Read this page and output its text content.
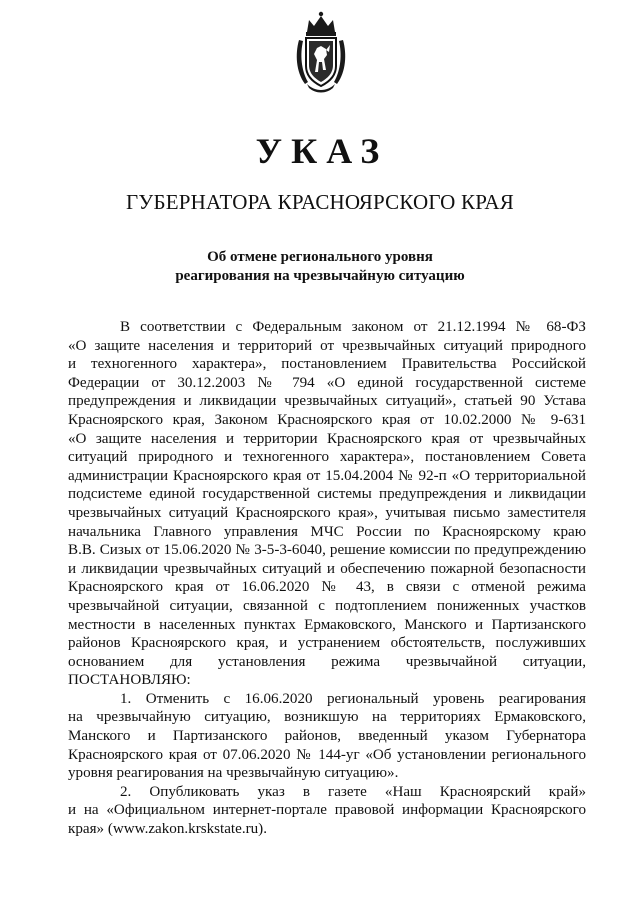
УКАЗ
ГУБЕРНАТОРА КРАСНОЯРСКОГО КРАЯ
Об отмене регионального уровня
реагирования на чрезвычайную ситуацию
В соответствии с Федеральным законом от 21.12.1994 № 68-ФЗ
«О защите населения и территорий от чрезвычайных ситуаций природного
и техногенного характера», постановлением Правительства Российской
Федерации от 30.12.2003 № 794 «О единой государственной системе
предупреждения и ликвидации чрезвычайных ситуаций», статьей 90 Устава
Красноярского края, Законом Красноярского края от 10.02.2000 № 9-631
«О защите населения и территории Красноярского края от чрезвычайных
ситуаций природного и техногенного характера», постановлением Совета
администрации Красноярского края от 15.04.2004 № 92-п «О территориальной
подсистеме единой государственной системы предупреждения и ликвидации
чрезвычайных ситуаций Красноярского края», учитывая письмо заместителя
начальника Главного управления МЧС России по Красноярскому краю
В.В. Сизых от 15.06.2020 № 3-5-3-6040, решение комиссии по предупреждению
и ликвидации чрезвычайных ситуаций и обеспечению пожарной безопасности
Красноярского края от 16.06.2020 № 43, в связи с отменой режима
чрезвычайной ситуации, связанной с подтоплением пониженных участков
местности в населенных пунктах Ермаковского, Манского и Партизанского
районов Красноярского края, и устранением обстоятельств, послуживших
основанием для установления режима чрезвычайной ситуации,
ПОСТАНОВЛЯЮ:
1. Отменить с 16.06.2020 региональный уровень реагирования
на чрезвычайную ситуацию, возникшую на территориях Ермаковского,
Манского и Партизанского районов, введенный указом Губернатора
Красноярского края от 07.06.2020 № 144-уг «Об установлении регионального
уровня реагирования на чрезвычайную ситуацию».
2. Опубликовать указ в газете «Наш Красноярский край»
и на «Официальном интернет-портале правовой информации Красноярского
края» (www.zakon.krskstate.ru).
